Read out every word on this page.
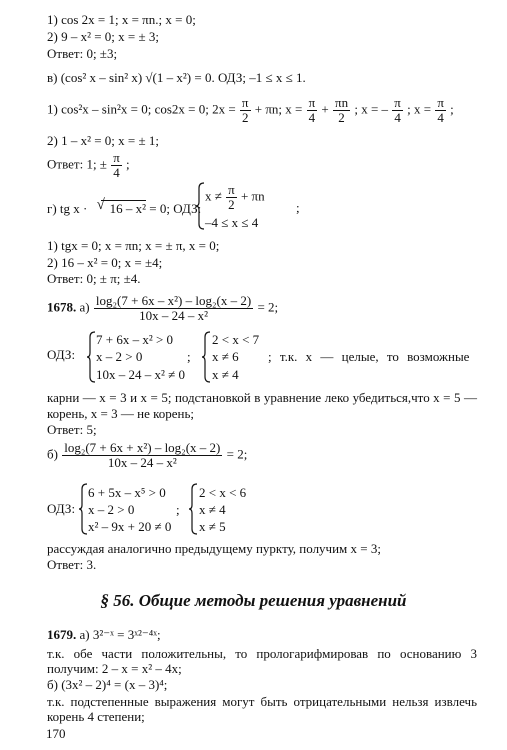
1) cos 2x = 1; x = πn.; x = 0;
2) 9 – x² = 0; x = ± 3;
Ответ: 0; ±3;
в) (cos² x – sin² x) √(1 – x²) = 0. ОДЗ; –1 ≤ x ≤ 1.
1) cos²x – sin²x = 0; cos2x = 0; $2x = \frac{\pi}{2} + \pi n$; $x = \frac{\pi}{4} + \frac{\pi n}{2}$ ; x = – $\frac{\pi}{4}$ ; $x = \frac{\pi}{4}$ ;
2) 1 – x² = 0; x = ± 1;
Ответ: 1; ± $\frac{\pi}{4}$ ;
г) tg x · √ 16 – x² = 0; ОДЗ:
$x \ne \frac{\pi}{2} + \pi n$
–4 ≤ x ≤ 4
;
1) tgx = 0; x = πn; x = ± π, x = 0;
2) 16 – x² = 0; x = ±4;
Ответ: 0; ± π; ±4.
1678. $а) \frac{\text{log₂(7 + 6x – x²) – log₂(x – 2)}}{\text{10x – 24 – x²}} = 2$;
ОДЗ:
7 + 6x – x² > 0
x – 2 > 0
10x – 24 – x² ≠ 0
;
2 < x < 7
x ≠ 6
x ≠ 4
; т.к. x — целые, то возможные
карни — x = 3 и x = 5; подстановкой в уравнение леко убедиться,что x = 5 — корень, x = 3 — не корень;
Ответ: 5;
$б) \frac{\text{log₂(7 + 6x + x²) – log₂(x – 2)}}{\text{10x – 24 – x²}} = 2$;
ОДЗ:
6 + 5x – x⁵ > 0
x – 2 > 0
x² – 9x + 20 ≠ 0
;
2 < x < 6
x ≠ 4
x ≠ 5
рассуждая аналогично предыдущему пуркту, получим x = 3;
Ответ: 3.
§ 56. Общие методы решения уравнений
1679. а) 3²⁻ˣ = 3ˣ²⁻⁴ˣ;
т.к. обе части положительны, то прологарифмировав по основанию 3 получим: 2 – x = x² – 4x;
б) (3x² – 2)⁴ = (x – 3)⁴;
т.к. подстепенные выражения могут быть отрицательными нельзя извлечь корень 4 степени;
170
